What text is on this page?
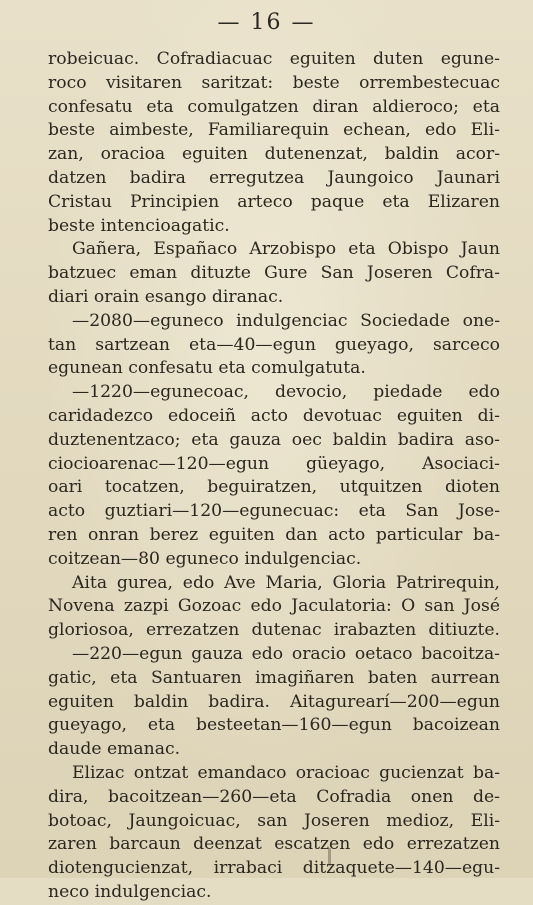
— 16 —
robeicuac. Cofradiacuac eguiten duten egune-
roco visitaren saritzat: beste orrembestecuac
confesatu eta comulgatzen diran aldieroco; eta
beste aimbeste, Familiarequin echean, edo Eli-
zan, oracioa eguiten dutenenzat, baldin acor-
datzen badira erregutzea Jaungoico Jaunari
Cristau Principien arteco paque eta Elizaren
beste intencioagatic.
Gañera, Españaco Arzobispo eta Obispo Jaun
batzuec eman dituzte Gure San Joseren Cofra-
diari orain esango diranac.
—2080—eguneco indulgenciac Sociedade one-
tan sartzean eta—40—egun gueyago, sarceco
egunean confesatu eta comulgatuta.
—1220—egunecoac, devocio, piedade edo
caridadezco edoceiñ acto devotuac eguiten di-
duztenentzaco; eta gauza oec baldin badira aso-
ciocioarenac—120—egun güeyago, Asociaci-
oari tocatzen, beguiratzen, utquitzen dioten
acto guztiari—120—egunecuac: eta San Jose-
ren onran berez eguiten dan acto particular ba-
coitzean—80 eguneco indulgenciac.
Aita gurea, edo Ave Maria, Gloria Patrirequin,
Novena zazpi Gozoac edo Jaculatoria: O san José
gloriosoa, errezatzen dutenac irabazten ditiuzte.
—220—egun gauza edo oracio oetaco bacoitza-
gatic, eta Santuaren imagiñaren baten aurrean
eguiten baldin badira. Aitagurearí—200—egun
gueyago, eta besteetan—160—egun bacoizean
daude emanac.
Elizac ontzat emandaco oracioac gucienzat ba-
dira, bacoitzean—260—eta Cofradia onen de-
botoac, Jaungoicuac, san Joseren medioz, Eli-
zaren barcaun deenzat escatzen edo errezatzen
diotengucienzat, irrabaci ditzaquete—140—egu-
neco indulgenciac.
